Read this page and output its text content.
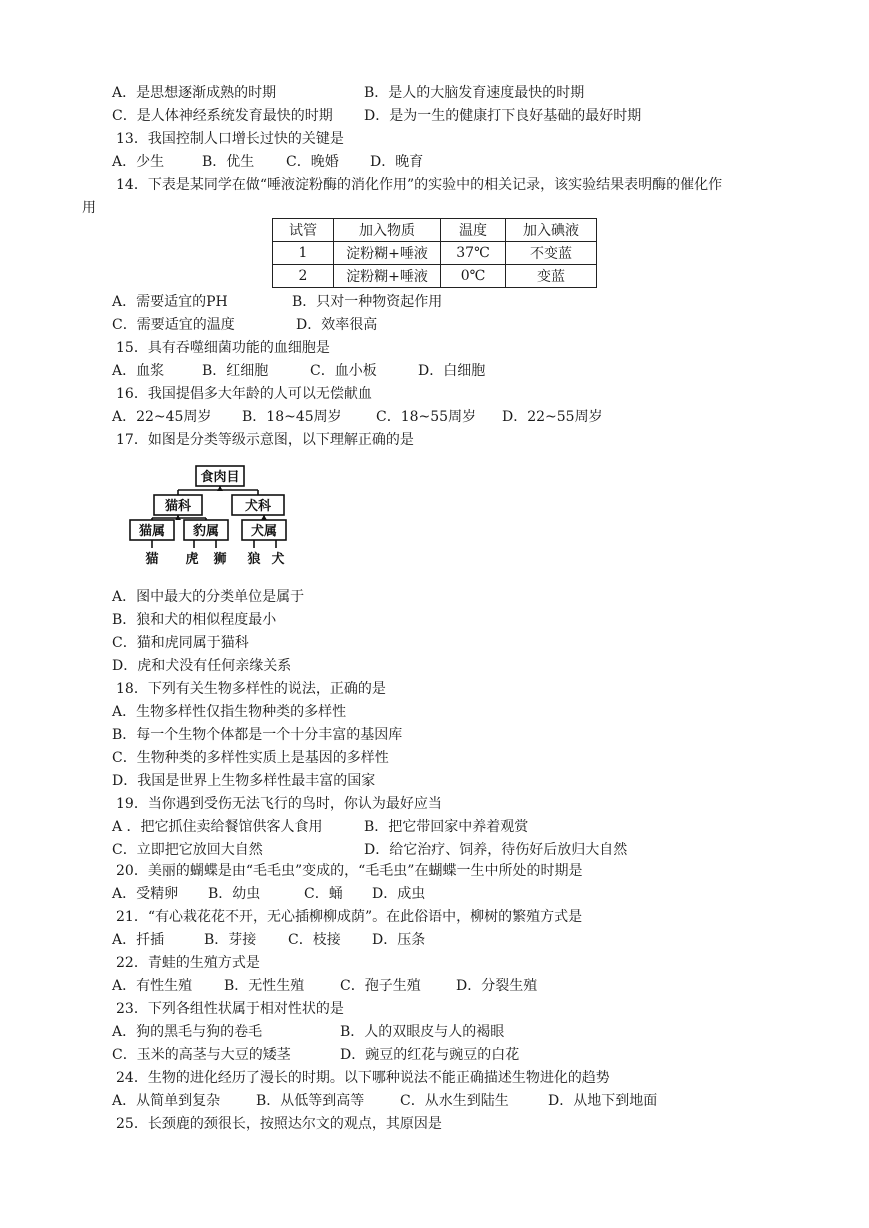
A．是思想逐渐成熟的时期	B．是人的大脑发育速度最快的时期
C．是人体神经系统发育最快的时期 D．是为一生的健康打下良好基础的最好时期
13．我国控制人口增长过快的关键是
A．少生	B．优生 C．晚婚 D．晚育
14．下表是某同学在做“唾液淀粉酶的消化作用”的实验中的相关记录，该实验结果表明酶的催化作
用
试管	加入物质	温度	加入碘液
1	淀粉糊+唾液	37℃	不变蓝
2	淀粉糊+唾液	0℃	变蓝
A．需要适宜的PH	B．只对一种物资起作用
C．需要适宜的温度	D．效率很高
15．具有吞噬细菌功能的血细胞是
A．血浆	B．红细胞	C．血小板	D．白细胞
16．我国提倡多大年龄的人可以无偿献血
A．22~45周岁 B．18~45周岁 C．18~55周岁 D．22~55周岁
17．如图是分类等级示意图，以下理解正确的是
食肉目
猫科	犬科
猫属 豹属 犬属
猫 虎 狮 狼 犬
A．图中最大的分类单位是属于
B．狼和犬的相似程度最小
C．猫和虎同属于猫科
D．虎和犬没有任何亲缘关系
18．下列有关生物多样性的说法，正确的是
A．生物多样性仅指生物种类的多样性
B．每一个生物个体都是一个十分丰富的基因库
C．生物种类的多样性实质上是基因的多样性
D．我国是世界上生物多样性最丰富的国家
19．当你遇到受伤无法飞行的鸟时，你认为最好应当
A ．把它抓住卖给餐馆供客人食用	B．把它带回家中养着观赏
C．立即把它放回大自然	D．给它治疗、饲养，待伤好后放归大自然
20．美丽的蝴蝶是由“毛毛虫”变成的，“毛毛虫”在蝴蝶一生中所处的时期是
A．受精卵 B．幼虫	C．蛹 D．成虫
21．“有心栽花花不开，无心插柳柳成荫”。在此俗语中，柳树的繁殖方式是
A．扦插	B．芽接 C．枝接 D．压条
22．青蛙的生殖方式是
A．有性生殖 B．无性生殖	C．孢子生殖	D．分裂生殖
23．下列各组性状属于相对性状的是
A．狗的黑毛与狗的卷毛	B．人的双眼皮与人的褐眼
C．玉米的高茎与大豆的矮茎	D．豌豆的红花与豌豆的白花
24．生物的进化经历了漫长的时期。以下哪种说法不能正确描述生物进化的趋势
A．从简单到复杂	B．从低等到高等	C．从水生到陆生	D．从地下到地面
25．长颈鹿的颈很长，按照达尔文的观点，其原因是
